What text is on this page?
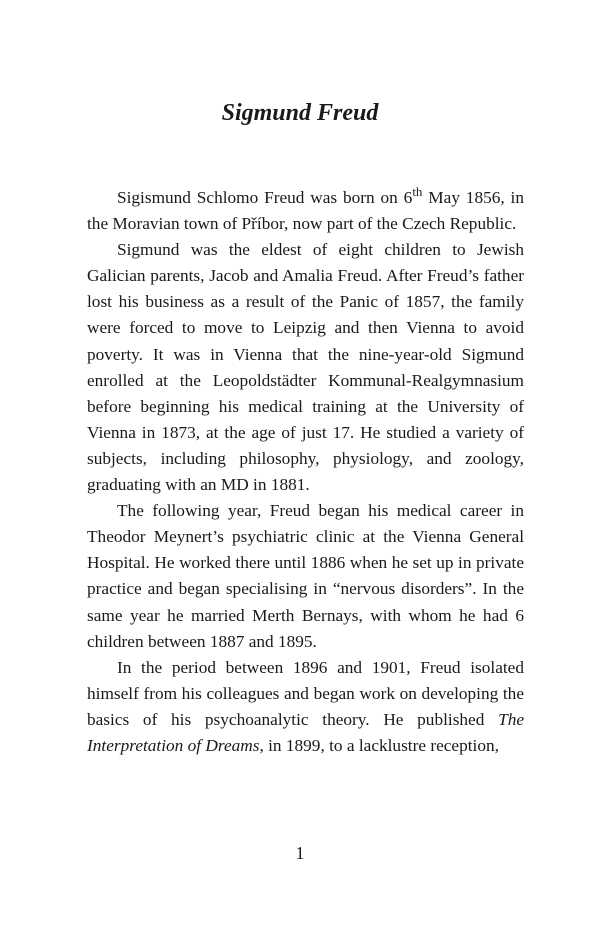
Sigmund Freud

Sigismund Schlomo Freud was born on 6th May 1856, in the Moravian town of Příbor, now part of the Czech Republic.

Sigmund was the eldest of eight children to Jewish Galician parents, Jacob and Amalia Freud. After Freud’s father lost his business as a result of the Panic of 1857, the family were forced to move to Leipzig and then Vienna to avoid poverty. It was in Vienna that the nine-year-old Sigmund enrolled at the Leopoldstädter Kommunal-Realgymnasium before beginning his medical training at the University of Vienna in 1873, at the age of just 17. He studied a variety of subjects, including philosophy, physiology, and zoology, graduating with an MD in 1881.

The following year, Freud began his medical career in Theodor Meynert’s psychiatric clinic at the Vienna General Hospital. He worked there until 1886 when he set up in private practice and began specialising in “nervous disorders”. In the same year he married Merth Bernays, with whom he had 6 children between 1887 and 1895.

In the period between 1896 and 1901, Freud isolated himself from his colleagues and began work on developing the basics of his psychoanalytic theory. He published The Interpretation of Dreams, in 1899, to a lacklustre reception,

1
